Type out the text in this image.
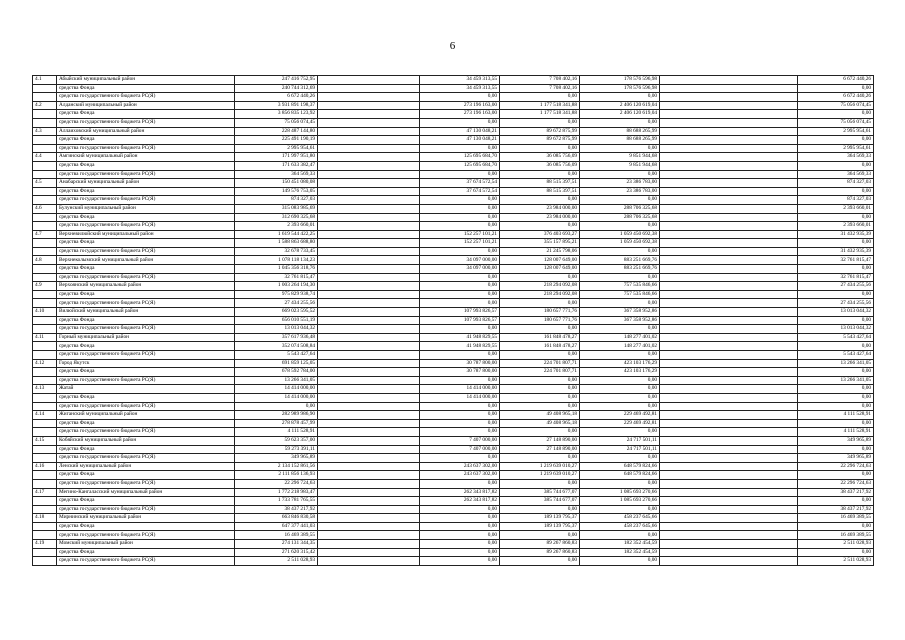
6
4.1	Абыйский муниципальный район	247 416 752,95		34 459 313,55	7 708 402,16	178 576 596,98		6 672 440,26
	средства Фонда	240 744 312,69		34 459 313,55	7 708 402,16	178 576 596,98		0,00
	средства государственного бюджета РС(Я)	6 672 440,26		0,00	0,00	0,00		6 672 440,26
4.2	Алданский муниципальный район	3 931 891 198,37		273 196 163,00	1 177 518 341,88	2 406 120 619,04		75 056 074,45
	средства Фонда	3 856 835 123,92		273 196 163,00	1 177 518 341,88	2 406 120 619,04		0,00
	средства государственного бюджета РС(Я)	75 056 074,45		0,00	0,00	0,00		75 056 074,45
4.3	Аллаиховский муниципальный район	228 487 144,80		47 130 048,21	89 672 875,99	88 688 265,99		2 995 954,61
	средства Фонда	225 491 190,19		47 130 048,21	89 672 875,99	88 688 265,99		0,00
	средства государственного бюджета РС(Я)	2 995 954,61		0,00	0,00	0,00		2 995 954,61
4.4	Амгинский муниципальный район	171 997 951,80		125 695 684,70	36 085 756,09	9 851 944,68		364 569,33
	средства Фонда	171 633 382,47		125 695 684,70	36 085 756,09	9 851 944,68		0,00
	средства государственного бюджета РС(Я)	364 569,33		0,00	0,00	0,00		364 569,33
4.5	Анабарский муниципальный район	150 451 080,08		37 674 572,54	88 515 397,51	23 386 783,00		874 327,03
	средства Фонда	149 576 753,05		37 674 572,54	88 515 397,51	23 386 783,00		0,00
	средства государственного бюджета РС(Я)	874 327,03		0,00	0,00	0,00		874 327,03
4.6	Булунский муниципальный район	315 083 985,69		0,00	23 984 000,00	288 706 325,68		2 393 660,01
	средства Фонда	312 690 325,68		0,00	23 984 000,00	288 706 325,68		0,00
	средства государственного бюджета РС(Я)	2 393 660,01		0,00	0,00	0,00		2 393 660,01
4.7	Верхневилюйский муниципальный район	1 619 544 422,25		152 257 101,21	376 403 693,27	1 059 450 692,38		31 432 935,39
	средства Фонда	1 588 863 688,80		152 257 101,21	355 157 895,21	1 059 450 692,38		0,00
	средства государственного бюджета РС(Я)	32 678 733,45		0,00	21 245 798,06	0,00		31 432 935,39
4.8	Верхнеколымский муниципальный район	1 078 118 134,23		34 097 000,00	128 007 649,00	883 251 669,76		32 761 815,47
	средства Фонда	1 045 356 318,76		34 097 000,00	128 007 649,00	883 251 669,76		0,00
	средства государственного бюджета РС(Я)	32 761 815,47		0,00	0,00	0,00		32 761 815,47
4.9	Верхоянский муниципальный район	1 003 264 194,30		0,00	218 294 092,08	757 535 846,66		27 434 255,56
	средства Фонда	975 829 938,74		0,00	218 294 092,08	757 535 846,66		0,00
	средства государственного бюджета РС(Я)	27 434 255,56		0,00	0,00	0,00		27 434 255,56
4.10	Вилюйский муниципальный район	669 023 595,52		107 993 826,57	180 657 771,76	367 358 952,86		13 013 044,32
	средства Фонда	656 010 551,19		107 993 826,57	180 657 771,76	367 358 952,86		0,00
	средства государственного бюджета РС(Я)	13 013 044,32		0,00	0,00	0,00		13 013 044,32
4.11	Горный муниципальный район	357 617 936,48		41 948 829,55	161 848 478,27	148 277 401,02		5 543 427,64
	средства Фонда	352 074 508,84		41 948 829,55	161 848 478,27	148 277 401,02		0,00
	средства государственного бюджета РС(Я)	5 543 427,64		0,00	0,00	0,00		5 543 427,64
4.12	Город Якутск	691 859 125,05		30 787 800,00	224 701 807,71	423 103 176,29		13 266 341,05
	средства Фонда	678 592 784,00		30 787 800,00	224 701 807,71	423 103 176,29		0,00
	средства государственного бюджета РС(Я)	13 266 341,05		0,00	0,00	0,00		13 266 341,05
4.13	Жатай	14 414 000,00		14 414 000,00	0,00	0,00		0,00
	средства Фонда	14 414 000,00		14 414 000,00	0,00	0,00		0,00
	средства государственного бюджета РС(Я)	0,00		0,00	0,00	0,00		0,00
4.14	Жиганский муниципальный район	282 989 986,90		0,00	49 408 965,18	229 469 492,81		4 111 528,91
	средства Фонда	278 878 457,99		0,00	49 408 965,18	229 469 492,81		0,00
	средства государственного бюджета РС(Я)	4 111 528,91		0,00	0,00	0,00		4 111 528,91
4.15	Кобяйский муниципальный район	59 623 357,00		7 407 000,00	27 148 890,00	24 717 501,11		349 965,89
	средства Фонда	59 273 391,11		7 407 000,00	27 148 890,00	24 717 501,11		0,00
	средства государственного бюджета РС(Я)	349 965,89		0,00	0,00	0,00		349 965,89
4.16	Ленский муниципальный район	2 134 152 861,56		243 637 302,00	1 219 639 010,27	648 579 824,66		22 296 724,63
	средства Фонда	2 111 856 136,93		243 637 302,00	1 219 639 010,27	648 579 824,66		0,00
	средства государственного бюджета РС(Я)	22 296 724,63		0,00	0,00	0,00		22 296 724,63
4.17	Мегино-Кангаласский муниципальный район	1 772 218 983,47		262 343 817,82	385 744 677,07	1 085 693 270,66		38 437 217,92
	средства Фонда	1 733 781 765,55		262 343 817,82	385 744 677,07	1 085 693 270,66		0,00
	средства государственного бюджета РС(Я)	38 437 217,92		0,00	0,00	0,00		38 437 217,92
4.18	Мирнинский муниципальный район	663 846 830,58		0,00	189 139 795,37	458 237 645,66		16 469 389,55
	средства Фонда	647 377 441,03		0,00	189 139 795,37	458 237 645,66		0,00
	средства государственного бюджета РС(Я)	16 469 389,55		0,00	0,00	0,00		16 469 389,55
4.19	Момский муниципальный район	274 131 344,35		0,00	89 267 860,83	182 352 454,59		2 511 028,93
	средства Фонда	271 620 315,42		0,00	89 267 860,83	182 352 454,59		0,00
	средства государственного бюджета РС(Я)	2 511 028,93		0,00	0,00	0,00		2 511 028,93
